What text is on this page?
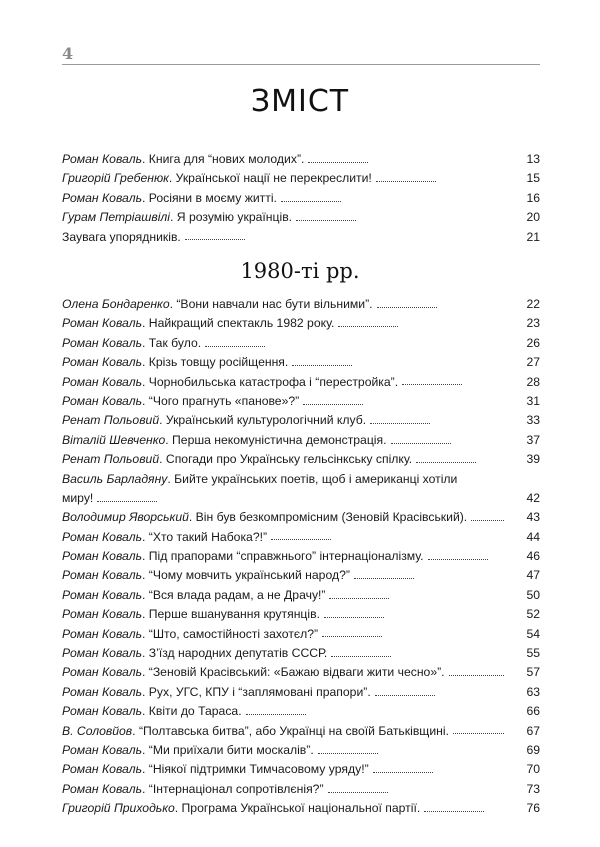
4
ЗМІСТ
Роман Коваль. Книга для “нових молодих”.	13
Григорій Гребенюк. Української нації не перекреслити!	15
Роман Коваль. Росіяни в моєму житті.	16
Гурам Петріашвілі. Я розумію українців.	20
Заувага упорядників.	21
1980-ті рр.
Олена Бондаренко. “Вони навчали нас бути вільними”.	22
Роман Коваль. Найкращий спектакль 1982 року.	23
Роман Коваль. Так було.	26
Роман Коваль. Крізь товщу російщення.	27
Роман Коваль. Чорнобильська катастрофа і “перестройка”.	28
Роман Коваль. “Чого прагнуть «панове»?”	31
Ренат Польовий. Український культурологічний клуб.	33
Віталій Шевченко. Перша некомуністична демонстрація.	37
Ренат Польовий. Спогади про Українську гельсінкську спілку.	39
Василь Барладяну. Бийте українських поетів, щоб і американці хотіли
миру!	42
Володимир Яворський. Він був безкомпромісним (Зеновій Красівський).	43
Роман Коваль. “Хто такий Набока?!”	44
Роман Коваль. Під прапорами “справжнього” інтернаціоналізму.	46
Роман Коваль. “Чому мовчить український народ?”	47
Роман Коваль. “Вся влада радам, а не Драчу!”	50
Роман Коваль. Перше вшанування крутянців.	52
Роман Коваль. “Што, самостійності захотєл?”	54
Роман Коваль. З’їзд народних депутатів СССР.	55
Роман Коваль. “Зеновій Красівський: «Бажаю відваги жити чесно»”.	57
Роман Коваль. Рух, УГС, КПУ і “заплямовані прапори”.	63
Роман Коваль. Квіти до Тараса.	66
В. Соловйов. “Полтавська битва”, або Українці на своїй Батьківщині.	67
Роман Коваль. “Ми приїхали бити москалів”.	69
Роман Коваль. “Ніякої підтримки Тимчасовому уряду!”	70
Роман Коваль. “Інтернаціонал сопротівлєнія?”	73
Григорій Приходько. Програма Української національної партії.	76
